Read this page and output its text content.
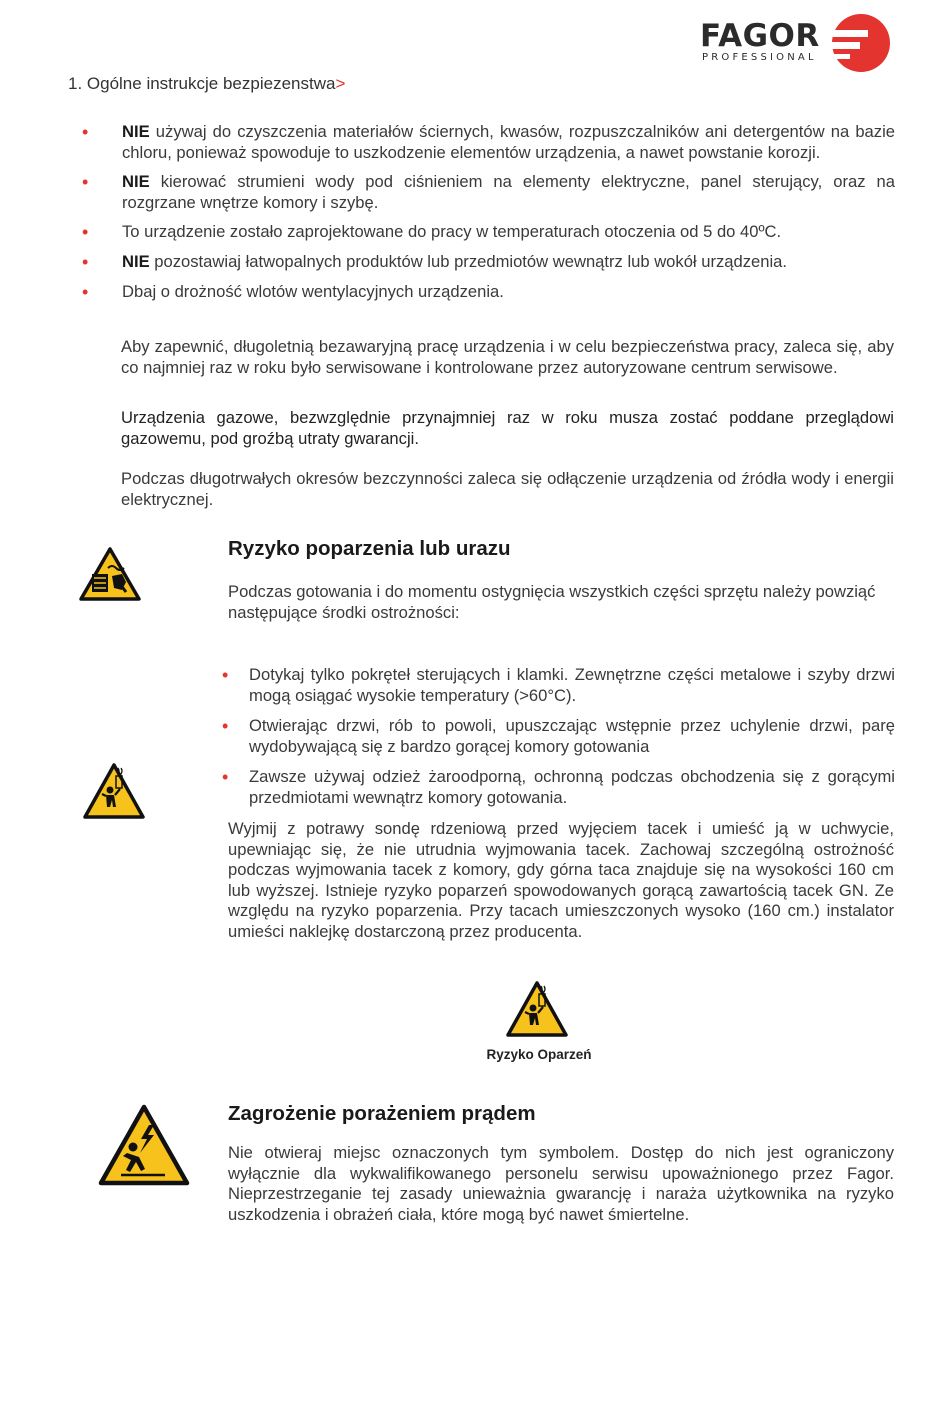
FAGOR
PROFESSIONAL
1. Ogólne instrukcje bezpiezenstwa>
• NIE używaj do czyszczenia materiałów ściernych, kwasów, rozpuszczalników ani detergentów na bazie chloru, ponieważ spowoduje to uszkodzenie elementów urządzenia, a nawet powstanie korozji.
• NIE kierować strumieni wody pod ciśnieniem na elementy elektryczne, panel sterujący, oraz na rozgrzane wnętrze komory i szybę.
• To urządzenie zostało zaprojektowane do pracy w temperaturach otoczenia od 5 do 40ºC.
• NIE pozostawiaj łatwopalnych produktów lub przedmiotów wewnątrz lub wokół urządzenia.
• Dbaj o drożność wlotów wentylacyjnych urządzenia.
Aby zapewnić, długoletnią bezawaryjną pracę urządzenia i w celu bezpieczeństwa pracy, zaleca się, aby co najmniej raz w roku było serwisowane i kontrolowane przez autoryzowane centrum serwisowe.
Urządzenia gazowe, bezwzględnie przynajmniej raz w roku musza zostać poddane przeglądowi gazowemu, pod groźbą utraty gwarancji.
Podczas długotrwałych okresów bezczynności zaleca się odłączenie urządzenia od źródła wody i energii elektrycznej.
Ryzyko poparzenia lub urazu
Podczas gotowania i do momentu ostygnięcia wszystkich części sprzętu należy powziąć
następujące środki ostrożności:
• Dotykaj tylko pokręteł sterujących i klamki. Zewnętrzne części metalowe i szyby drzwi mogą osiągać wysokie temperatury (>60°C).
• Otwierając drzwi, rób to powoli, upuszczając wstępnie przez uchylenie drzwi, parę wydobywającą się z bardzo gorącej komory gotowania
• Zawsze używaj odzież żaroodporną, ochronną podczas obchodzenia się z gorącymi przedmiotami wewnątrz komory gotowania.
Wyjmij z potrawy sondę rdzeniową przed wyjęciem tacek i umieść ją w uchwycie, upewniając się, że nie utrudnia wyjmowania tacek. Zachowaj szczególną ostrożność podczas wyjmowania tacek z komory, gdy górna taca znajduje się na wysokości 160 cm lub wyższej. Istnieje ryzyko poparzeń spowodowanych gorącą zawartością tacek GN. Ze względu na ryzyko poparzenia. Przy tacach umieszczonych wysoko (160 cm.) instalator umieści naklejkę dostarczoną przez producenta.
Ryzyko Oparzeń
Zagrożenie porażeniem prądem
Nie otwieraj miejsc oznaczonych tym symbolem. Dostęp do nich jest ograniczony wyłącznie dla wykwalifikowanego personelu serwisu upoważnionego przez Fagor. Nieprzestrzeganie tej zasady unieważnia gwarancję i naraża użytkownika na ryzyko uszkodzenia i obrażeń ciała, które mogą być nawet śmiertelne.
